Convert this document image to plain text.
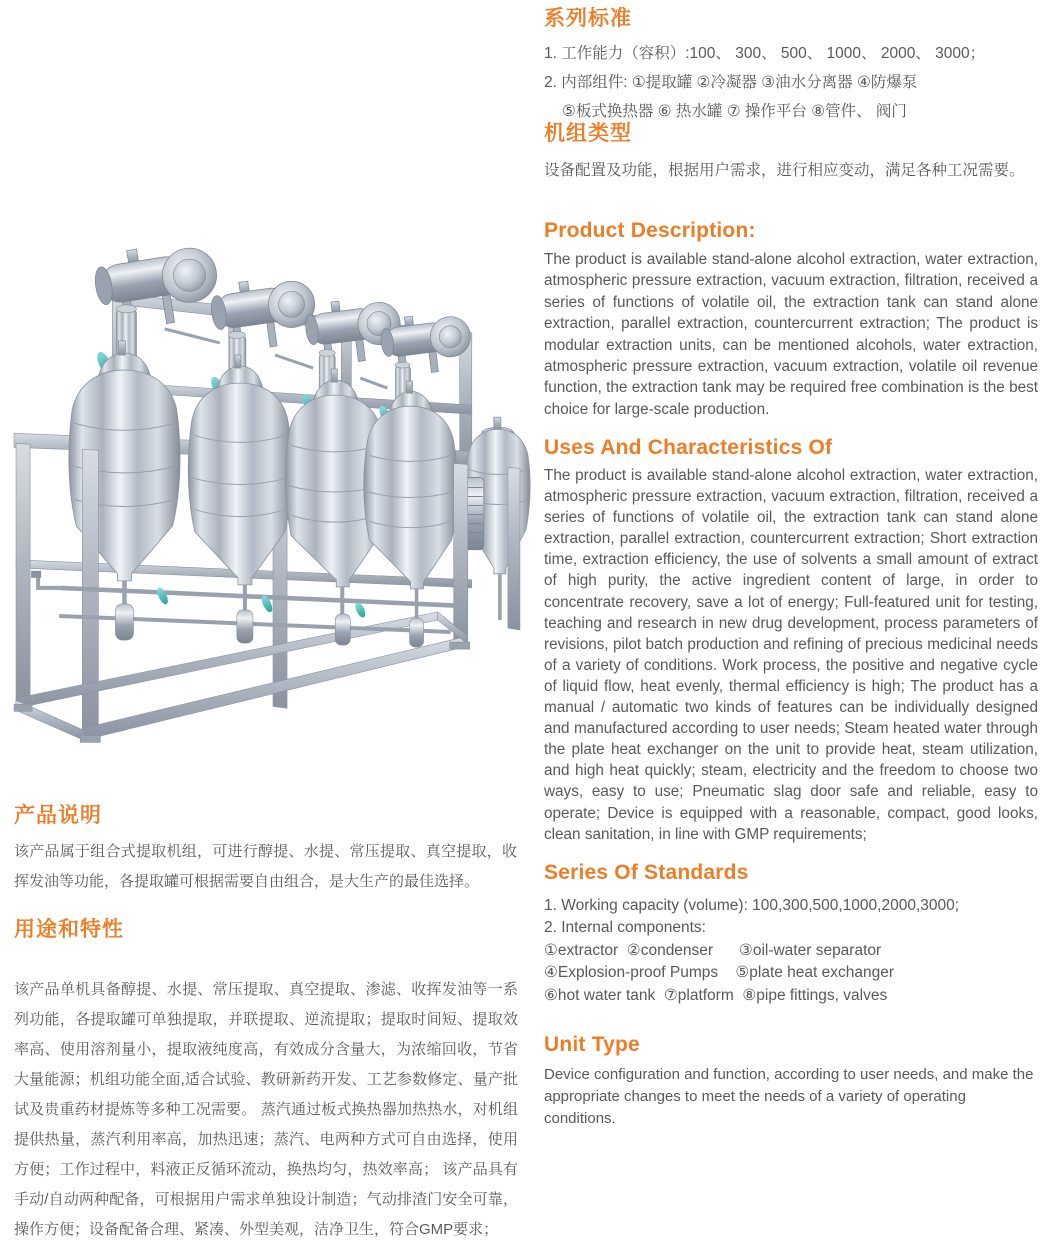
产品说明

该产品属于组合式提取机组，可进行醇提、水提、常压提取、真空提取，收挥发油等功能，各提取罐可根据需要自由组合，是大生产的最佳选择。

用途和特性

该产品单机具备醇提、水提、常压提取、真空提取、渗滤、收挥发油等一系列功能，各提取罐可单独提取，并联提取、逆流提取；提取时间短、提取效率高、使用溶剂量小，提取液纯度高，有效成分含量大，为浓缩回收，节省大量能源；机组功能全面,适合试验、教研新药开发、工艺参数修定、量产批试及贵重药材提炼等多种工况需要。 蒸汽通过板式换热器加热热水，对机组提供热量，蒸汽利用率高，加热迅速；蒸汽、电两种方式可自由选择，使用方便；工作过程中，料液正反循环流动，换热均匀，热效率高； 该产品具有手动/自动两种配备，可根据用户需求单独设计制造；气动排渣门安全可靠，操作方便；设备配备合理、紧凑、外型美观，洁净卫生，符合GMP要求；

系列标准
1. 工作能力（容积）:100、 300、 500、 1000、 2000、 3000；
2. 内部组件: ①提取罐 ②冷凝器 ③油水分离器 ④防爆泵
⑤板式换热器 ⑥ 热水罐 ⑦ 操作平台 ⑧管件、 阀门
机组类型

设备配置及功能，根据用户需求，进行相应变动，满足各种工况需要。

Product Description:

The product is available stand-alone alcohol extraction, water extraction, atmospheric pressure extraction, vacuum extraction, filtration, received a series of functions of volatile oil, the extraction tank can stand alone extraction, parallel extraction, countercurrent extraction; The product is modular extraction units, can be mentioned alcohols, water extraction, atmospheric pressure extraction, vacuum extraction, volatile oil revenue function, the extraction tank may be required free combination is the best choice for large-scale production.

Uses And Characteristics Of

The product is available stand-alone alcohol extraction, water extraction, atmospheric pressure extraction, vacuum extraction, filtration, received a series of functions of volatile oil, the extraction tank can stand alone extraction, parallel extraction, countercurrent extraction; Short extraction time, extraction efficiency, the use of solvents a small amount of extract of high purity, the active ingredient content of large, in order to concentrate recovery, save a lot of energy; Full-featured unit for testing, teaching and research in new drug development, process parameters of revisions, pilot batch production and refining of precious medicinal needs of a variety of conditions. Work process, the positive and negative cycle of liquid flow, heat evenly, thermal efficiency is high; The product has a manual / automatic two kinds of features can be individually designed and manufactured according to user needs; Steam heated water through the plate heat exchanger on the unit to provide heat, steam utilization, and high heat quickly; steam, electricity and the freedom to choose two ways, easy to use; Pneumatic slag door safe and reliable, easy to operate; Device is equipped with a reasonable, compact, good looks, clean sanitation, in line with GMP requirements;

Series Of Standards
1. Working capacity (volume): 100,300,500,1000,2000,3000;
2. Internal components:
①extractor  ②condenser      ③oil-water separator
④Explosion-proof Pumps    ⑤plate heat exchanger
⑥hot water tank  ⑦platform  ⑧pipe fittings, valves
Unit Type

Device configuration and function, according to user needs, and make the appropriate changes to meet the needs of a variety of operating conditions.
